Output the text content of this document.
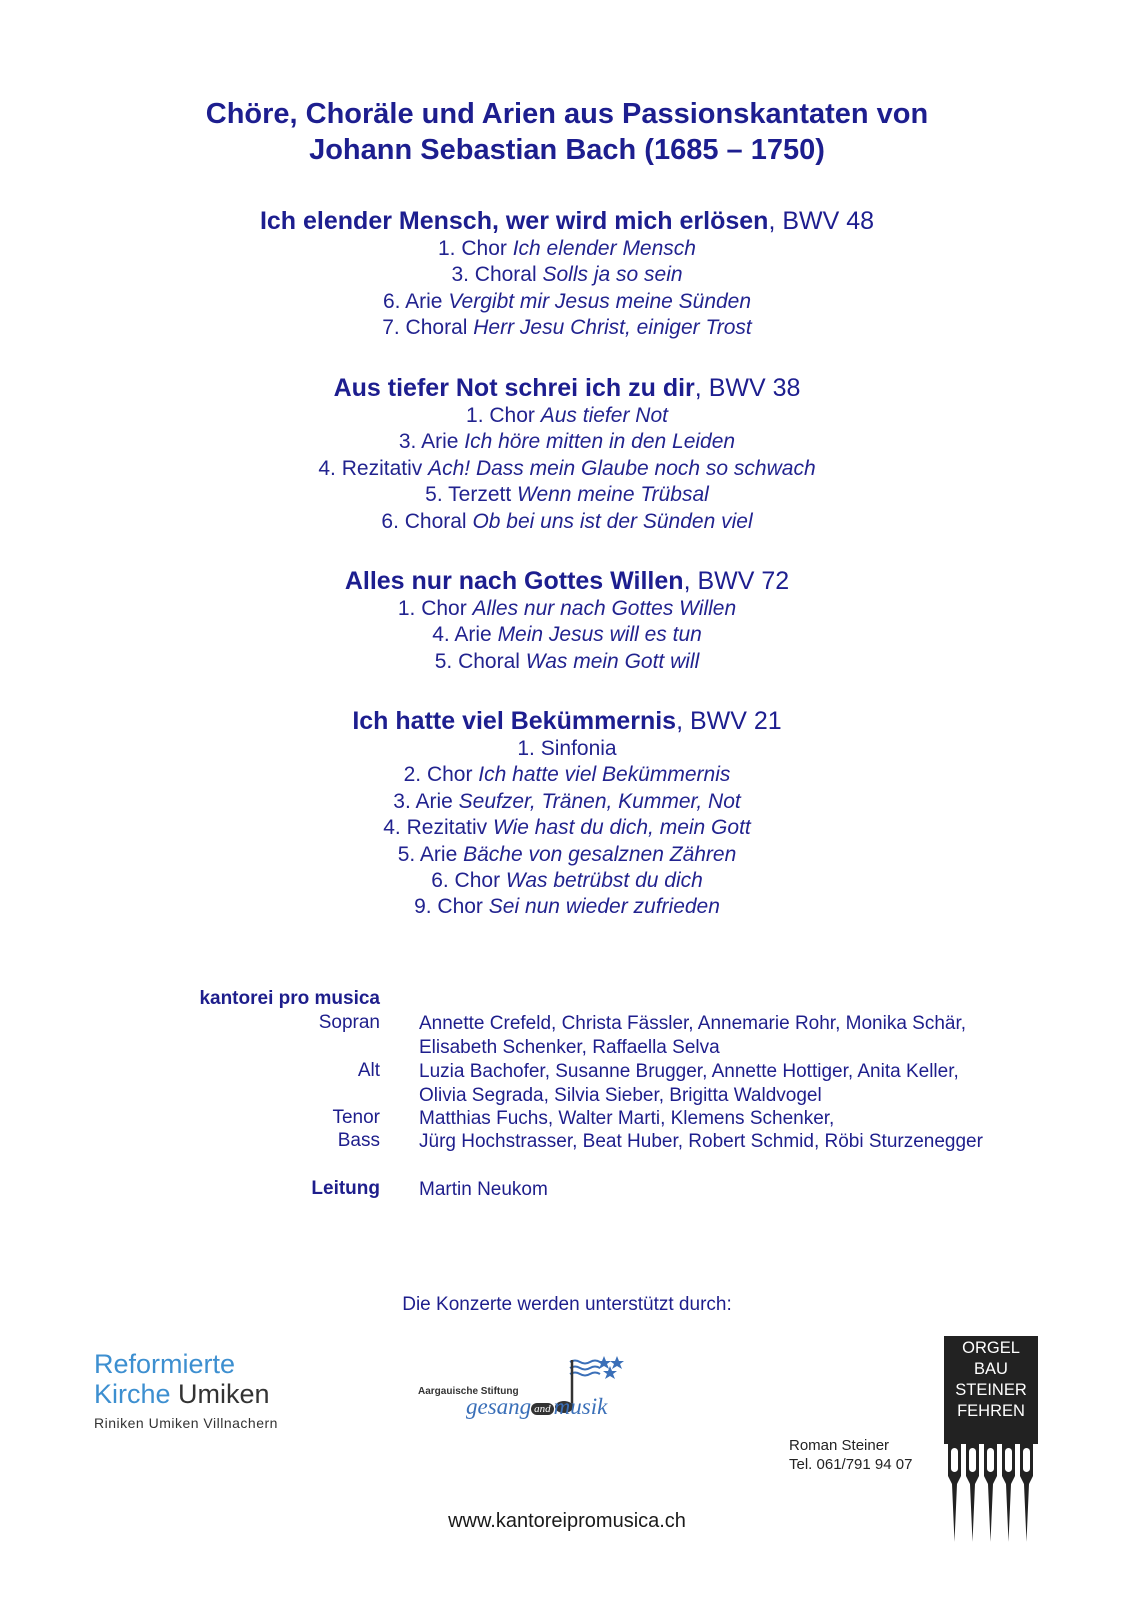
Chöre, Choräle und Arien aus Passionskantaten von
Johann Sebastian Bach (1685 – 1750)
Ich elender Mensch, wer wird mich erlösen, BWV 48
1. Chor Ich elender Mensch
3. Choral Solls ja so sein
6. Arie Vergibt mir Jesus meine Sünden
7. Choral Herr Jesu Christ, einiger Trost
Aus tiefer Not schrei ich zu dir, BWV 38
1. Chor Aus tiefer Not
3. Arie Ich höre mitten in den Leiden
4. Rezitativ Ach! Dass mein Glaube noch so schwach
5. Terzett Wenn meine Trübsal
6. Choral Ob bei uns ist der Sünden viel
Alles nur nach Gottes Willen, BWV 72
1. Chor Alles nur nach Gottes Willen
4. Arie Mein Jesus will es tun
5. Choral Was mein Gott will
Ich hatte viel Bekümmernis, BWV 21
1. Sinfonia
2. Chor Ich hatte viel Bekümmernis
3. Arie Seufzer, Tränen, Kummer, Not
4. Rezitativ Wie hast du dich, mein Gott
5. Arie Bäche von gesalznen Zähren
6. Chor Was betrübst du dich
9. Chor Sei nun wieder zufrieden
kantorei pro musica
Sopran Annette Crefeld, Christa Fässler, Annemarie Rohr, Monika Schär,
Elisabeth Schenker, Raffaella Selva
Alt Luzia Bachofer, Susanne Brugger, Annette Hottiger, Anita Keller,
Olivia Segrada, Silvia Sieber, Brigitta Waldvogel
Tenor Matthias Fuchs, Walter Marti, Klemens Schenker,
Bass Jürg Hochstrasser, Beat Huber, Robert Schmid, Röbi Sturzenegger
Leitung Martin Neukom
Die Konzerte werden unterstützt durch:
Reformierte
Kirche Umiken
Riniken Umiken Villnachern
Aargauische Stiftung
gesang and musik
Roman Steiner
Tel. 061/791 94 07
ORGEL
BAU
STEINER
FEHREN
www.kantoreipromusica.ch
